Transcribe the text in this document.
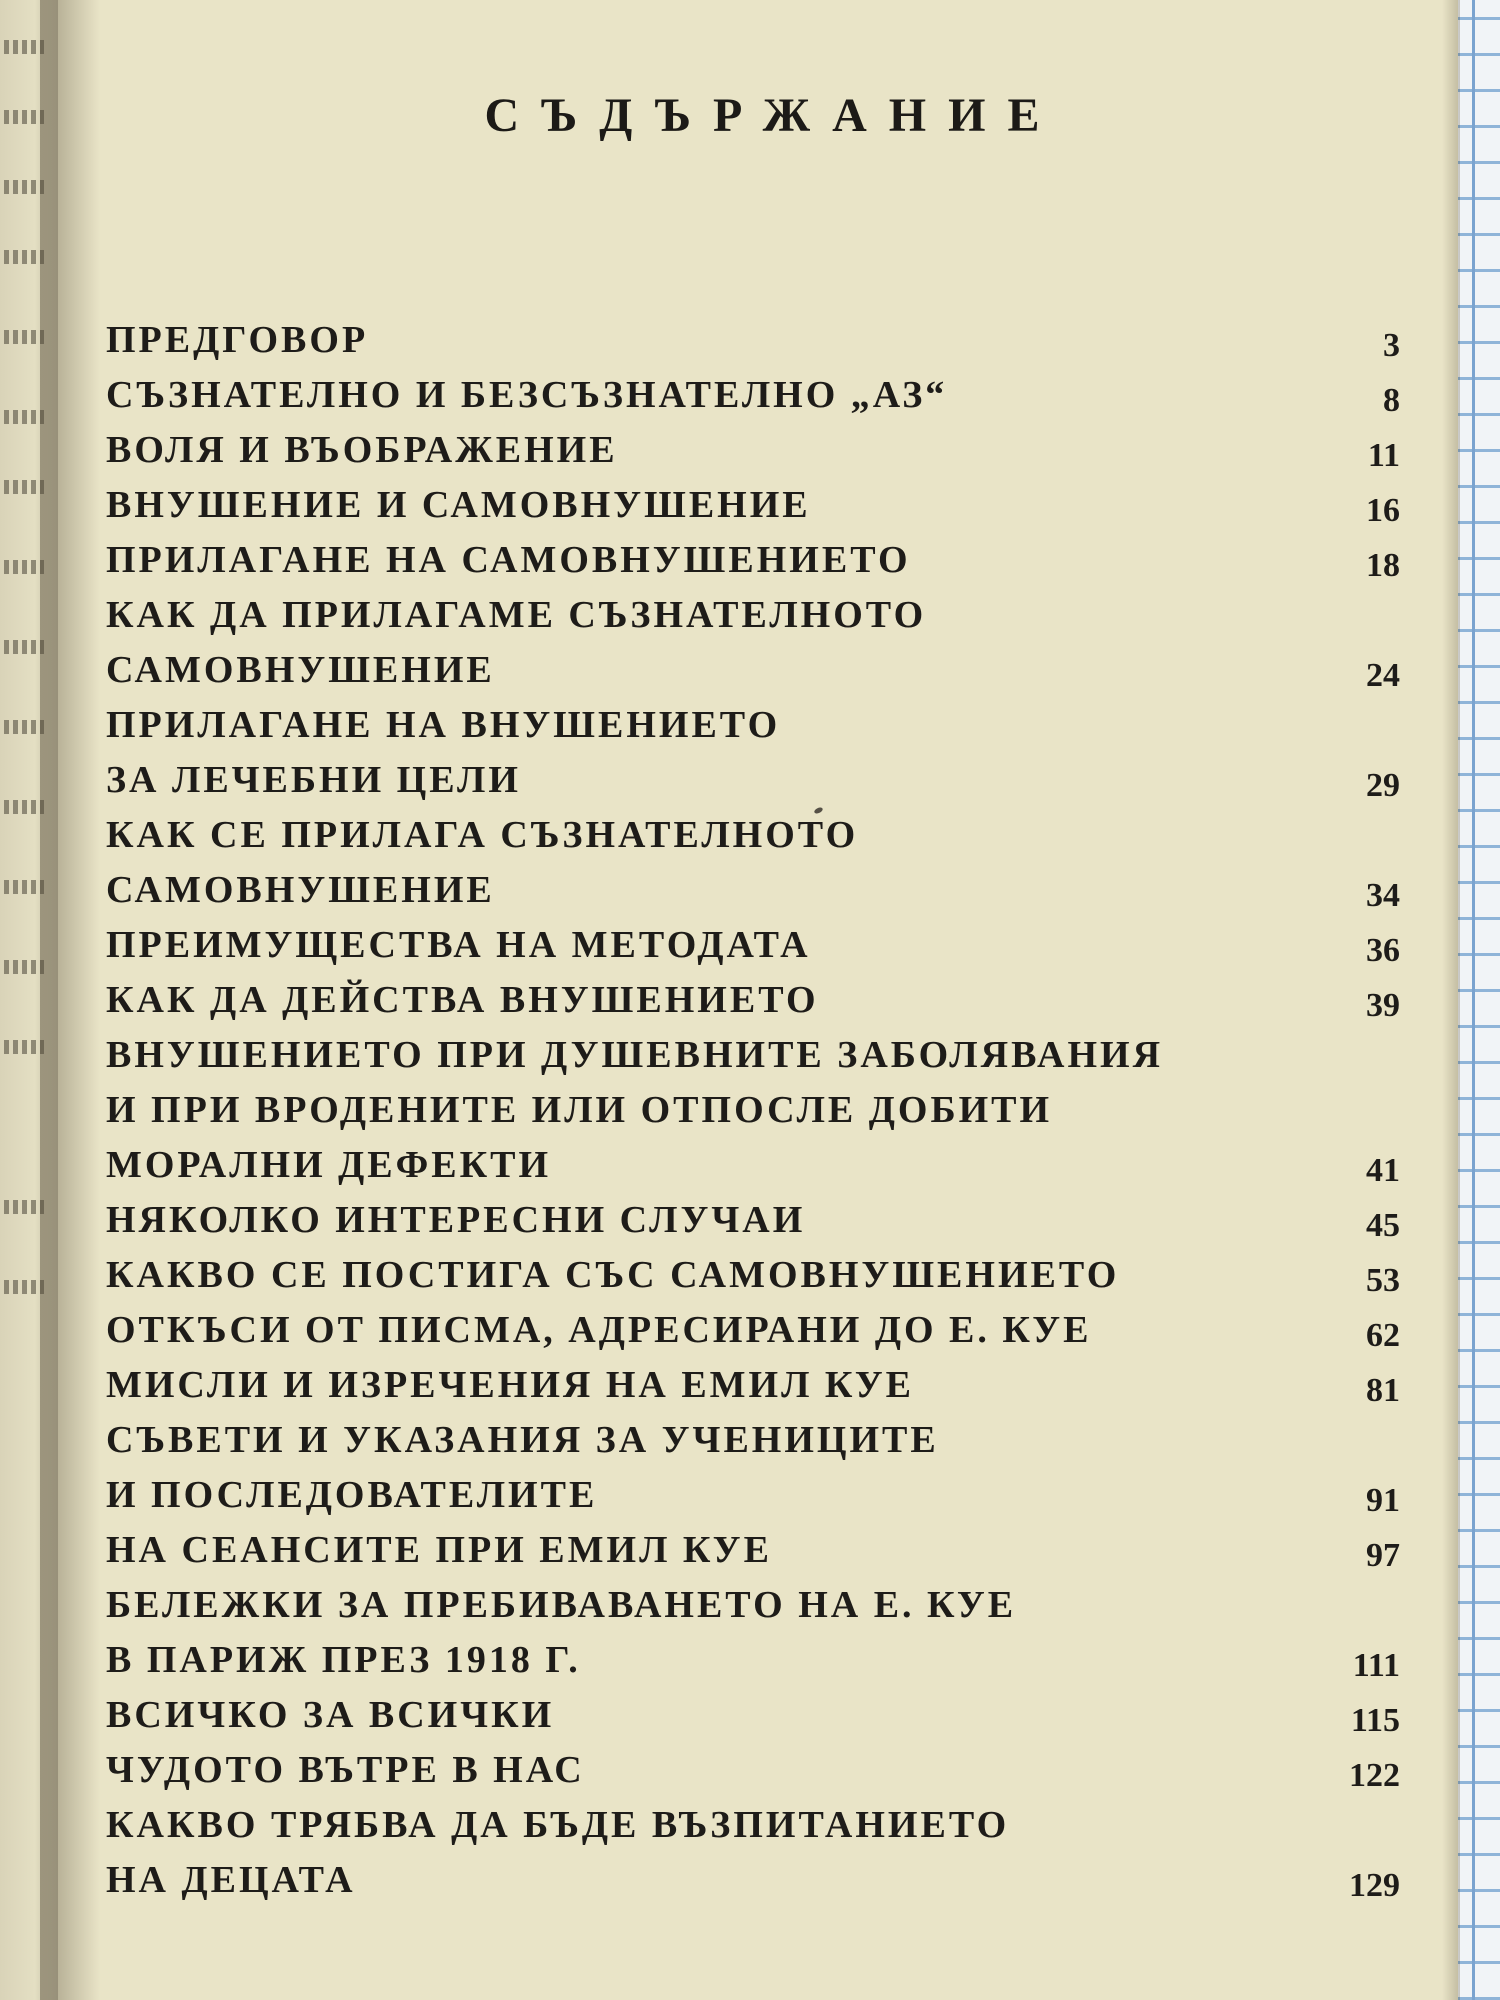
СЪДЪРЖАНИЕ
ПРЕДГОВОР	3
СЪЗНАТЕЛНО И БЕЗСЪЗНАТЕЛНО „АЗ“	8
ВОЛЯ И ВЪОБРАЖЕНИЕ	11
ВНУШЕНИЕ И САМОВНУШЕНИЕ	16
ПРИЛАГАНЕ НА САМОВНУШЕНИЕТО	18
КАК ДА ПРИЛАГАМЕ СЪЗНАТЕЛНОТО
САМОВНУШЕНИЕ	24
ПРИЛАГАНЕ НА ВНУШЕНИЕТО
ЗА ЛЕЧЕБНИ ЦЕЛИ	29
КАК СЕ ПРИЛАГА СЪЗНАТЕЛНОТО
САМОВНУШЕНИЕ	34
ПРЕИМУЩЕСТВА НА МЕТОДАТА	36
КАК ДА ДЕЙСТВА ВНУШЕНИЕТО	39
ВНУШЕНИЕТО ПРИ ДУШЕВНИТЕ ЗАБОЛЯВАНИЯ
И ПРИ ВРОДЕНИТЕ ИЛИ ОТПОСЛЕ ДОБИТИ
МОРАЛНИ ДЕФЕКТИ	41
НЯКОЛКО ИНТЕРЕСНИ СЛУЧАИ	45
КАКВО СЕ ПОСТИГА СЪС САМОВНУШЕНИЕТО	53
ОТКЪСИ ОТ ПИСМА, АДРЕСИРАНИ ДО Е. КУЕ	62
МИСЛИ И ИЗРЕЧЕНИЯ НА ЕМИЛ КУЕ	81
СЪВЕТИ И УКАЗАНИЯ ЗА УЧЕНИЦИТЕ
И ПОСЛЕДОВАТЕЛИТЕ	91
НА СЕАНСИТЕ ПРИ ЕМИЛ КУЕ	97
БЕЛЕЖКИ ЗА ПРЕБИВАВАНЕТО НА Е. КУЕ
В ПАРИЖ ПРЕЗ 1918 Г.	111
ВСИЧКО ЗА ВСИЧКИ	115
ЧУДОТО ВЪТРЕ В НАС	122
КАКВО ТРЯБВА ДА БЪДЕ ВЪЗПИТАНИЕТО
НА ДЕЦАТА	129
